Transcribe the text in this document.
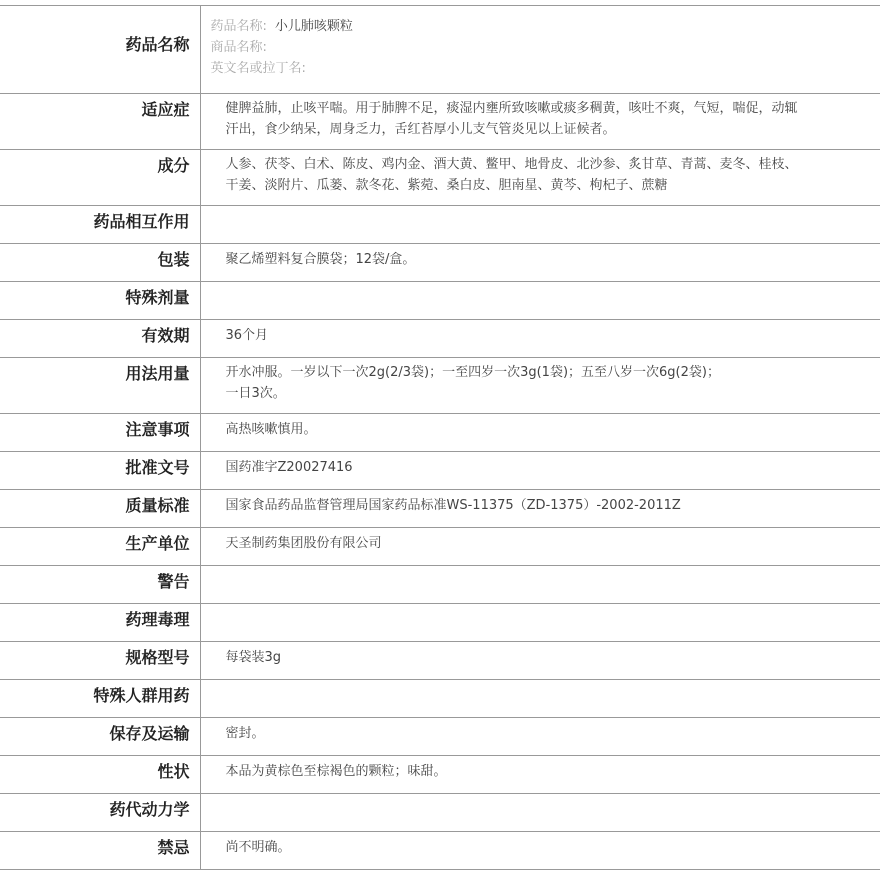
药品名称	药品名称: 小儿肺咳颗粒
商品名称:
英文名或拉丁名:

适应症	健脾益肺，止咳平喘。用于肺脾不足，痰湿内壅所致咳嗽或痰多稠黄，咳吐不爽，气短，喘促，动辄汗出，食少纳呆，周身乏力，舌红苔厚小儿支气管炎见以上证候者。
成分	人参、茯苓、白术、陈皮、鸡内金、酒大黄、鳖甲、地骨皮、北沙参、炙甘草、青蒿、麦冬、桂枝、干姜、淡附片、瓜蒌、款冬花、紫菀、桑白皮、胆南星、黄芩、枸杞子、蔗糖
药品相互作用	
包装	聚乙烯塑料复合膜袋；12袋/盒。
特殊剂量	
有效期	36个月
用法用量	开水冲服。一岁以下一次2g(2/3袋)；一至四岁一次3g(1袋)；五至八岁一次6g(2袋)；一日3次。
注意事项	高热咳嗽慎用。
批准文号	国药准字Z20027416
质量标准	国家食品药品监督管理局国家药品标准WS-11375（ZD-1375）-2002-2011Z
生产单位	天圣制药集团股份有限公司
警告	
药理毒理	
规格型号	每袋装3g
特殊人群用药	
保存及运输	密封。
性状	本品为黄棕色至棕褐色的颗粒；味甜。
药代动力学	
禁忌	尚不明确。
